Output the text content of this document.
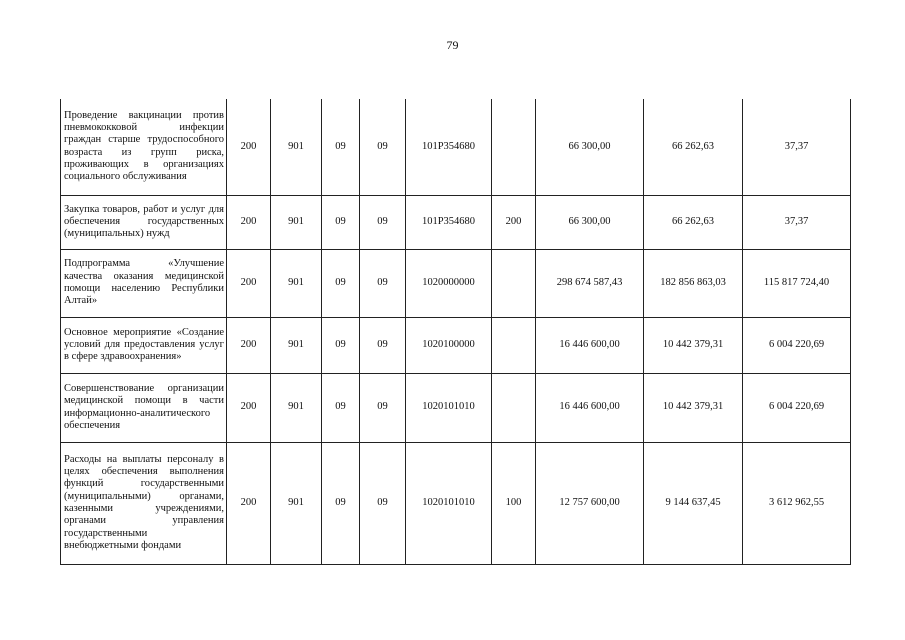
79
Проведение вакцинации против пневмококковой инфекции граждан старше трудоспособного возраста из групп риска, проживающих в организациях социального обслуживания	200	901	09	09	101P354680		66 300,00	66 262,63	37,37
Закупка товаров, работ и услуг для обеспечения государственных (муниципальных) нужд	200	901	09	09	101P354680	200	66 300,00	66 262,63	37,37
Подпрограмма «Улучшение качества оказания медицинской помощи населению Республики Алтай»	200	901	09	09	1020000000		298 674 587,43	182 856 863,03	115 817 724,40
Основное мероприятие «Создание условий для предоставления услуг в сфере здравоохранения»	200	901	09	09	1020100000		16 446 600,00	10 442 379,31	6 004 220,69
Совершенствование организации медицинской помощи в части информационно-аналитического обеспечения	200	901	09	09	1020101010		16 446 600,00	10 442 379,31	6 004 220,69
Расходы на выплаты персоналу в целях обеспечения выполнения функций государственными (муниципальными) органами, казенными учреждениями, органами управления государственными внебюджетными фондами	200	901	09	09	1020101010	100	12 757 600,00	9 144 637,45	3 612 962,55
